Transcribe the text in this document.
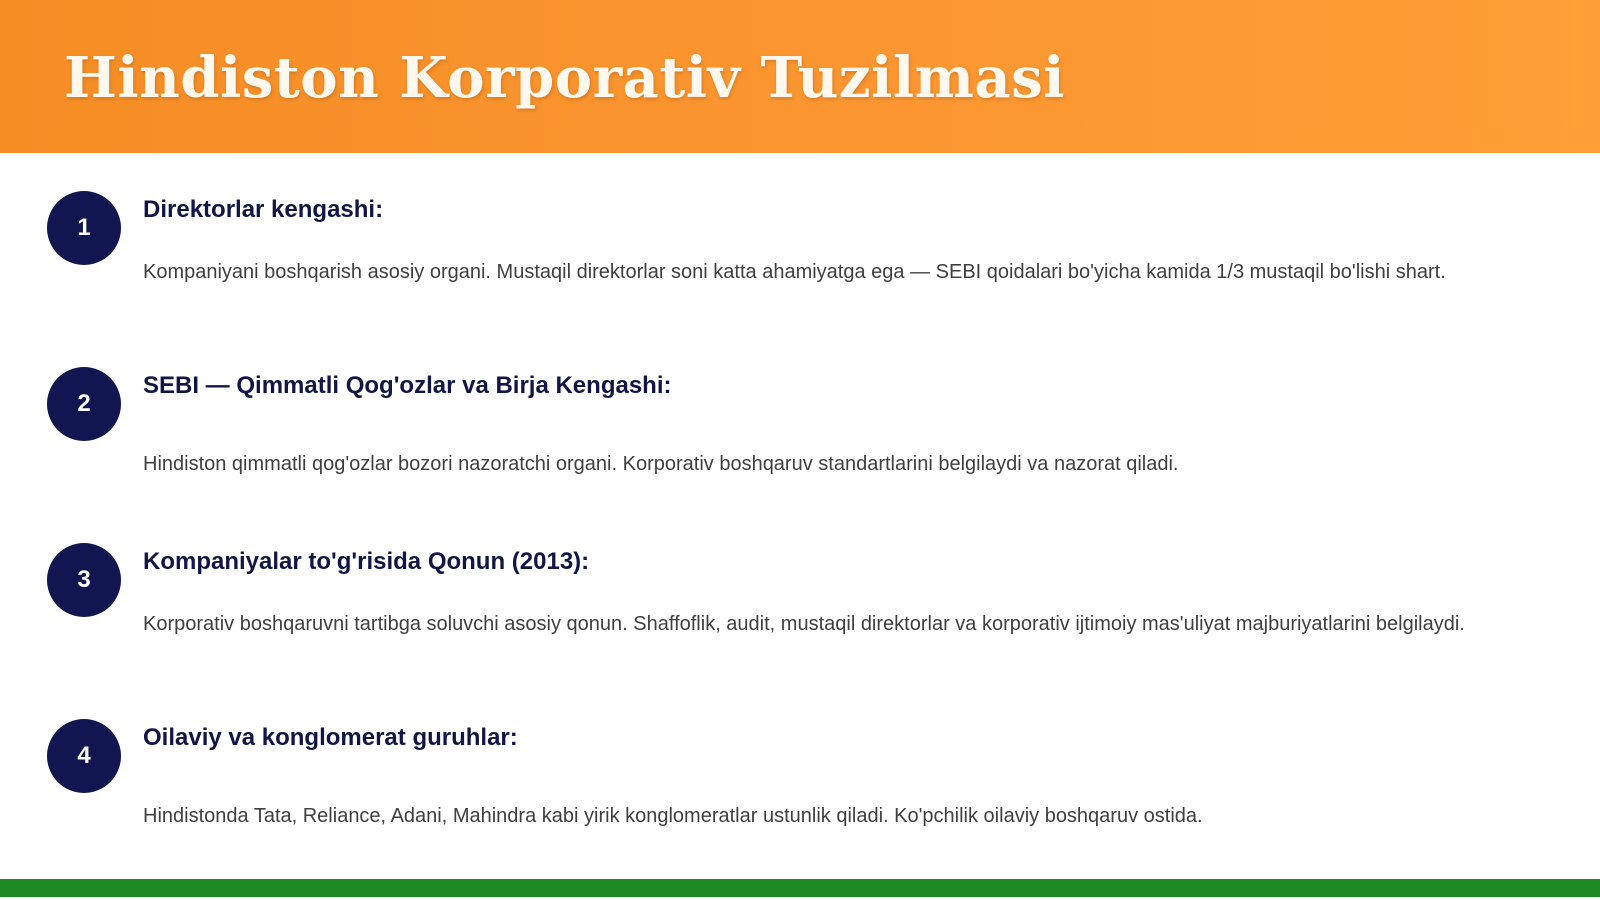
Hindiston Korporativ Tuzilmasi
1
Direktorlar kengashi:

Kompaniyani boshqarish asosiy organi. Mustaqil direktorlar soni katta ahamiyatga ega — SEBI qoidalari bo'yicha kamida 1/3 mustaqil bo'lishi shart.

2
SEBI — Qimmatli Qog'ozlar va Birja Kengashi:

Hindiston qimmatli qog'ozlar bozori nazoratchi organi. Korporativ boshqaruv standartlarini belgilaydi va nazorat qiladi.

3
Kompaniyalar to'g'risida Qonun (2013):

Korporativ boshqaruvni tartibga soluvchi asosiy qonun. Shaffoflik, audit, mustaqil direktorlar va korporativ ijtimoiy mas'uliyat majburiyatlarini belgilaydi.

4
Oilaviy va konglomerat guruhlar:

Hindistonda Tata, Reliance, Adani, Mahindra kabi yirik konglomeratlar ustunlik qiladi. Ko'pchilik oilaviy boshqaruv ostida.
